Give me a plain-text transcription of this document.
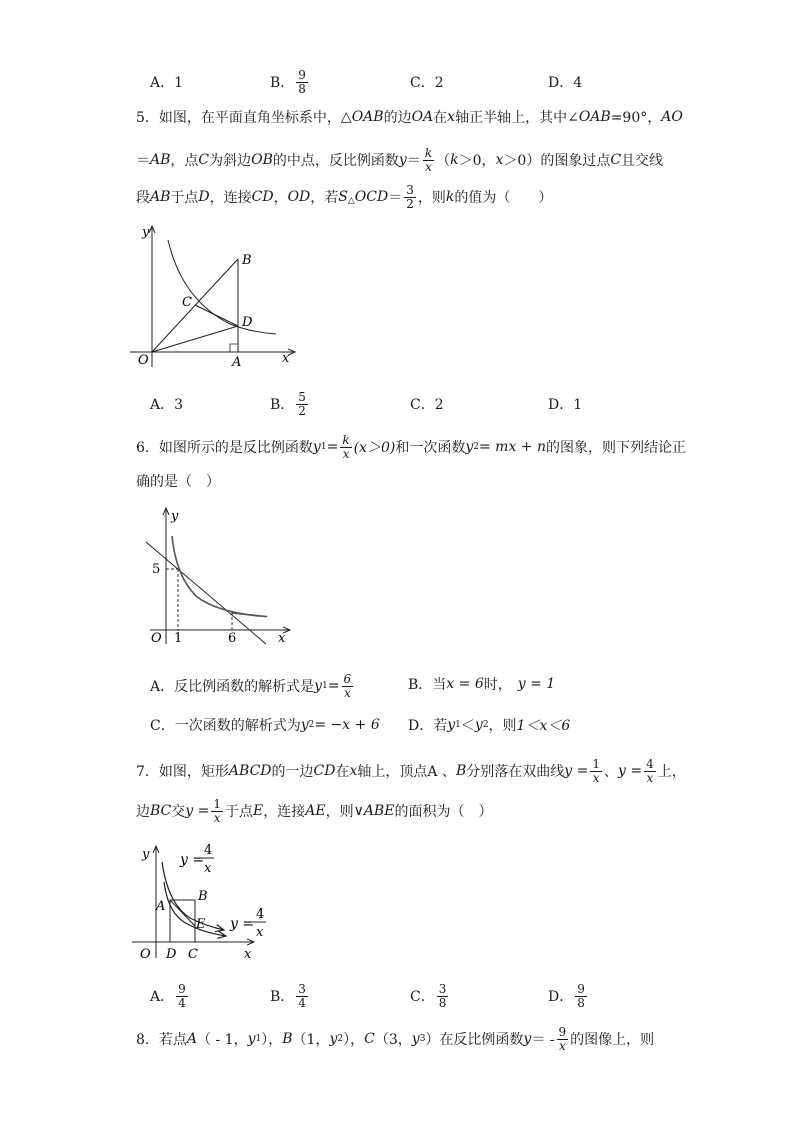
A．1	B． $\frac{9}{8}$	C．2	D．4
5．如图，在平面直角坐标系中， △OAB 的边 OA 在 x 轴正半轴上，其中∠ OAB =90°， AO
＝ AB ，点 C 为斜边 OB 的中点，反比例函数 $y = \frac{k}{x}$ （ k ＞0， x ＞0）的图象过点 C 且交线
段 AB 于点 D ，连接 CD ， OD ，若 S △ OCD ＝ $\frac{3}{2}$ ，则 k 的值为（　　）
y
x
O	A
B
C
D
A．3	B． $\frac{5}{2}$	C．2	D．1
6．如图所示的是反比例函数 y $1 = \frac{k}{x} (x>0)$ 和一次函数 y 2 = mx + n 的图象，则下列结论正
确的是（　）
y
x
O
5
1	6
A．反比例函数的解析式是 y $1 = \frac{6}{x}$	B．当 x = 6 时， y = 1
C．一次函数的解析式为 y 2 = −x + 6 D．若 y 1 ＜ y 2 ，则 1＜x＜6
7．如图，矩形 ABCD 的一边 CD 在 x 轴上，顶点A 、 B 分别落在双曲线 $y = \frac{1}{x}$ 、 $y = \frac{4}{x}$ 上，
边 BC 交 $y = \frac{1}{x}$ 于点 E ，连接 AE ，则 ∨ABE 的面积为（　）
y
x
O
A
B
E
D C
y =
4
x
y =
4
x
A． $\frac{9}{4}$	B． $\frac{3}{4}$	C． $\frac{3}{8}$	D． $\frac{9}{8}$
8．若点 A （ - 1， y 1 ）， B （1， y 2 ）， C （3， y 3 ）在反比例函数 y ＝ - $\frac{9}{x}$ 的图像上，则
